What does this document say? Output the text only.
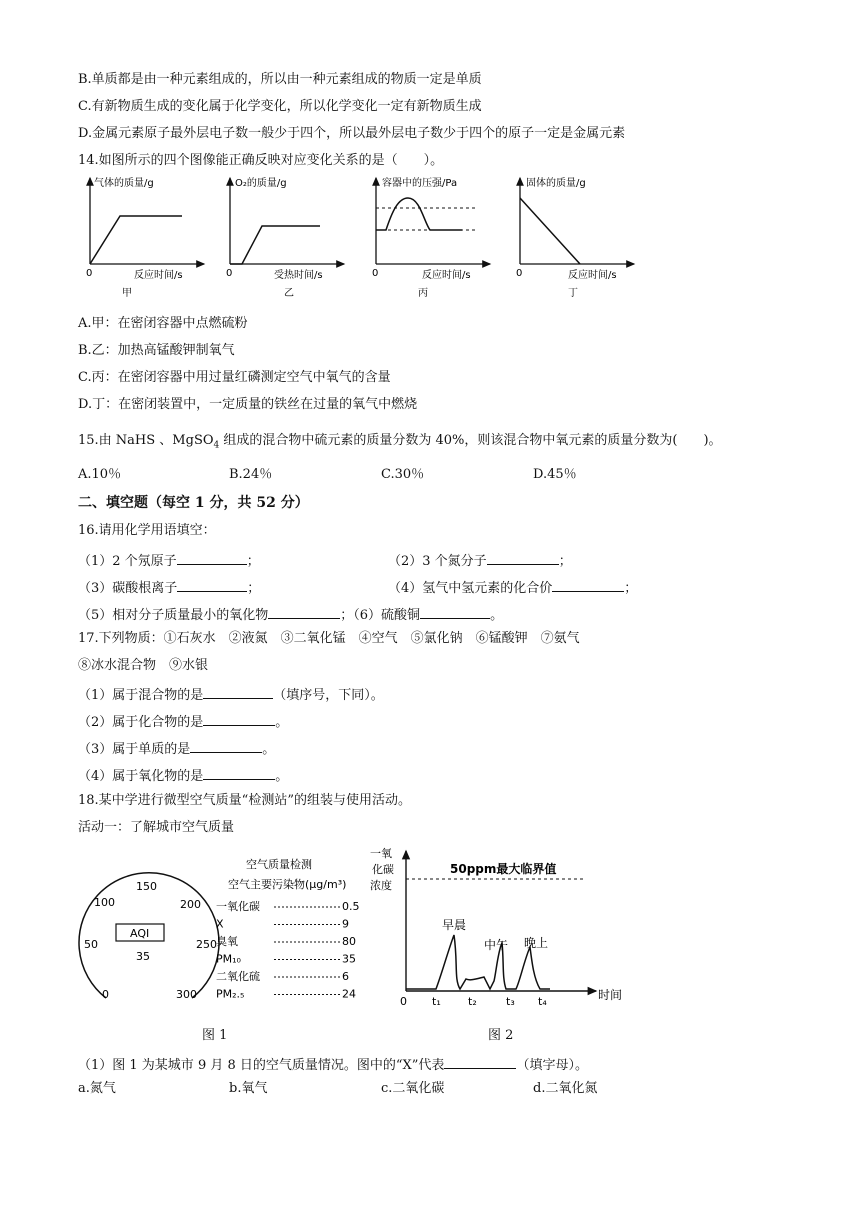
B.单质都是由一种元素组成的，所以由一种元素组成的物质一定是单质
C.有新物质生成的变化属于化学变化，所以化学变化一定有新物质生成
D.金属元素原子最外层电子数一般少于四个，所以最外层电子数少于四个的原子一定是金属元素
14.如图所示的四个图像能正确反映对应变化关系的是（　　）。
气体的质量/g
0	反应时间/s
甲
O₂的质量/g
0	受热时间/s
乙
容器中的压强/Pa
0	反应时间/s
丙
固体的质量/g
0	反应时间/s
丁
A.甲：在密闭容器中点燃硫粉
B.乙：加热高锰酸钾制氧气
C.丙：在密闭容器中用过量红磷测定空气中氧气的含量
D.丁：在密闭装置中，一定质量的铁丝在过量的氧气中燃烧
15.由 NaHS 、MgSO$_4$ 组成的混合物中硫元素的质量分数为 40%，则该混合物中氧元素的质量分数为(　　)。
A.10％	B.24％	C.30％	D.45％
二、填空题（每空 1 分，共 52 分）
16.请用化学用语填空：
（1）2 个氖原子	；	（2）3 个氮分子	；
（3）碳酸根离子	；	（4）氢气中氢元素的化合价	；
（5）相对分子质量最小的氧化物	；（6）硫酸铜	。
17.下列物质：①石灰水　②液氮　③二氧化锰　④空气　⑤氯化钠　⑥锰酸钾　⑦氨气
⑧冰水混合物　⑨水银
（1）属于混合物的是	（填序号，下同）。
（2）属于化合物的是	。
（3）属于单质的是	。
（4）属于氧化物的是	。
18.某中学进行微型空气质量“检测站”的组装与使用活动。
活动一：了解城市空气质量
0
50
100
150
200
250
300
AQI
35
空气质量检测
空气主要污染物(μg/m³)
一氧化碳	0.5
X	9
臭氧	80
PM₁₀	35
二氧化硫	6
PM₂.₅	24
一氧
化碳
浓度
50ppm最大临界值
早晨
中午 晚上
0 t₁ t₂	t₃ t₄	时间
图 1	图 2
（1）图 1 为某城市 9 月 8 日的空气质量情况。图中的“X”代表	（填字母）。
a.氮气	b.氧气	c.二氧化碳	d.二氧化氮
